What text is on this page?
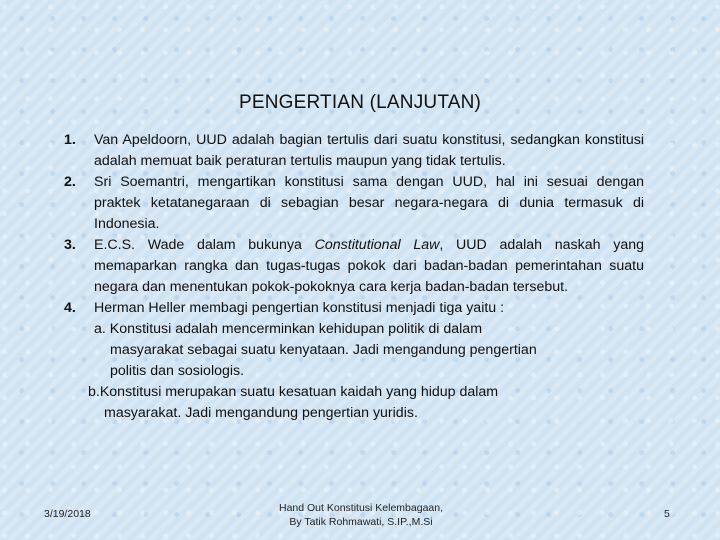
PENGERTIAN (LANJUTAN)
1. Van Apeldoorn, UUD adalah bagian tertulis dari suatu konstitusi, sedangkan konstitusi adalah memuat baik peraturan tertulis maupun yang tidak tertulis.
2. Sri Soemantri, mengartikan konstitusi sama dengan UUD, hal ini sesuai dengan praktek ketatanegaraan di sebagian besar negara-negara di dunia termasuk di Indonesia.
3. E.C.S. Wade dalam bukunya Constitutional Law, UUD adalah naskah yang memaparkan rangka dan tugas-tugas pokok dari badan-badan pemerintahan suatu negara dan menentukan pokok-pokoknya cara kerja badan-badan tersebut.
4. Herman Heller membagi pengertian konstitusi menjadi tiga yaitu :
a. Konstitusi adalah mencerminkan kehidupan politik di dalam
masyarakat sebagai suatu kenyataan. Jadi mengandung pengertian
politis dan sosiologis.
b.Konstitusi merupakan suatu kesatuan kaidah yang hidup dalam
masyarakat. Jadi mengandung pengertian yuridis.
3/19/2018	Hand Out Konstitusi Kelembagaan,
By Tatik Rohmawati, S.IP.,M.Si
5
